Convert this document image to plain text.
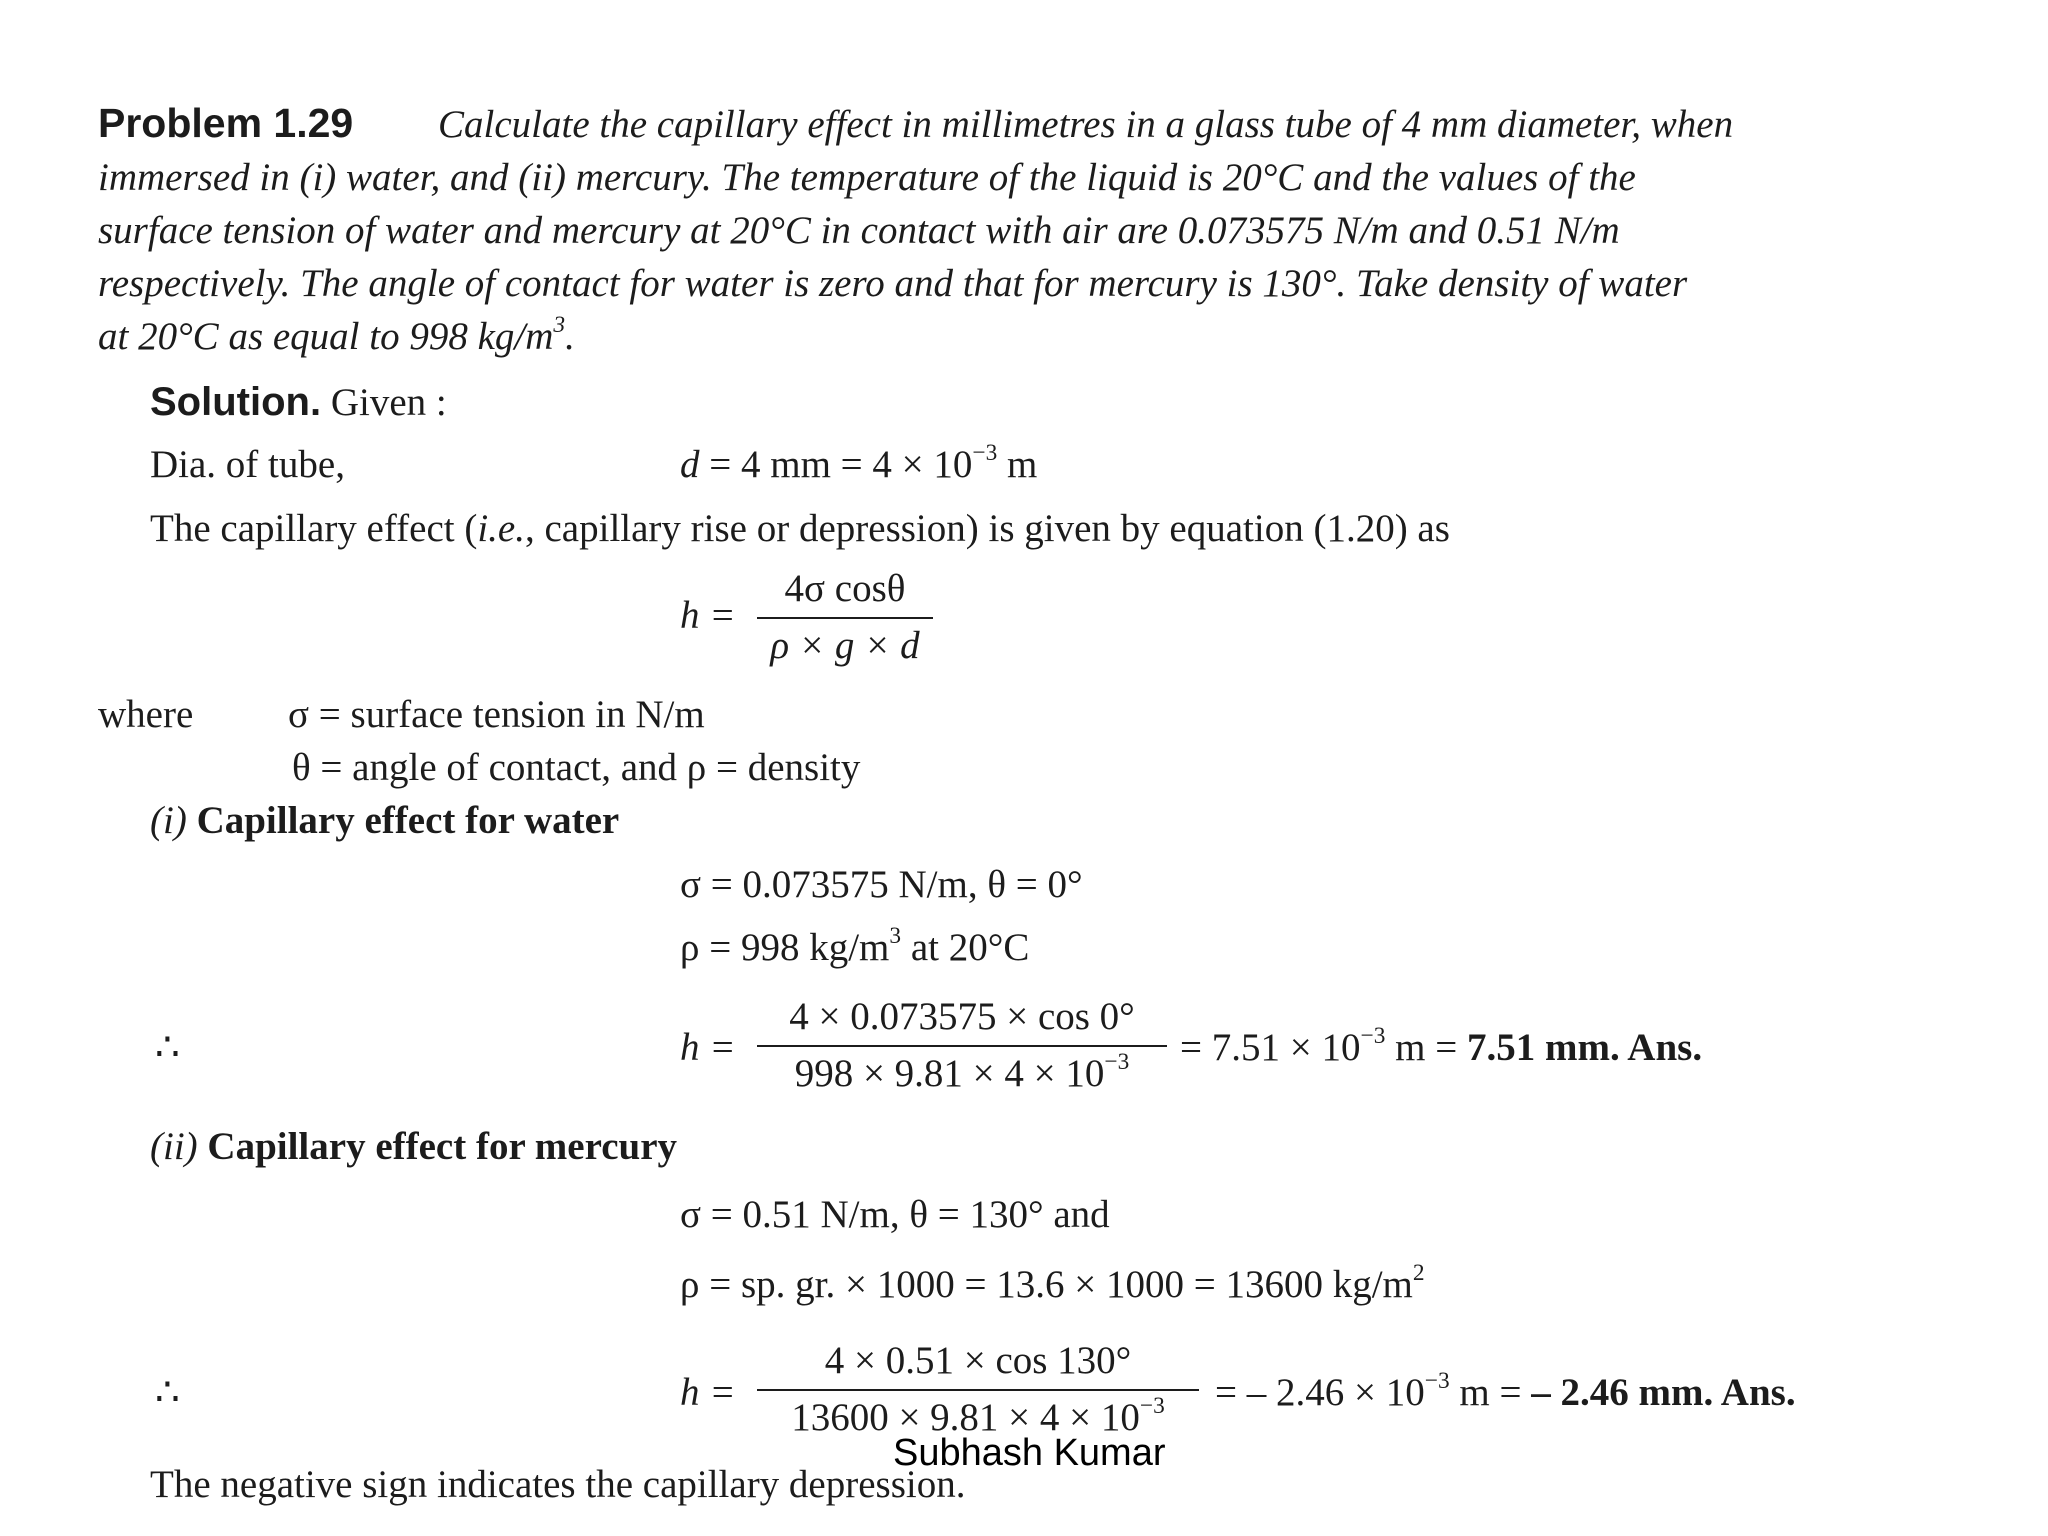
Problem 1.29 Calculate the capillary effect in millimetres in a glass tube of 4 mm diameter, when
immersed in (i) water, and (ii) mercury. The temperature of the liquid is 20°C and the values of the
surface tension of water and mercury at 20°C in contact with air are 0.073575 N/m and 0.51 N/m
respectively. The angle of contact for water is zero and that for mercury is 130°. Take density of water
at 20°C as equal to 998 $kg/m^3$.
Solution. Given :
Dia. of tube,	d = 4 mm = $4 \times 10^{-3}$ m
The capillary effect (i.e., capillary rise or depression) is given by equation (1.20) as
h =
4σ cosθ
ρ × g × d
where σ = surface tension in N/m
θ = angle of contact, and ρ = density
(i) Capillary effect for water
σ = 0.073575 N/m, θ = 0°
ρ = 998 $kg/m^3$ at 20°C
∴	h =
4 × 0.073575 × cos 0°
$998 \times 9.81 \times 4 \times 10^{-3}$	= $7.51 \times 10^{-3}$ m = 7.51 mm. Ans.
(ii) Capillary effect for mercury
σ = 0.51 N/m, θ = 130° and
ρ = sp. gr. × 1000 = 13.6 × 1000 = 13600 $kg/m^2$
∴	h =
4 × 0.51 × cos 130°
$13600 \times 9.81 \times 4 \times 10^{-3}$	= – $2.46 \times 10^{-3}$ m = – 2.46 mm. Ans.
The negative sign indicates the capillary depression.
Subhash Kumar
